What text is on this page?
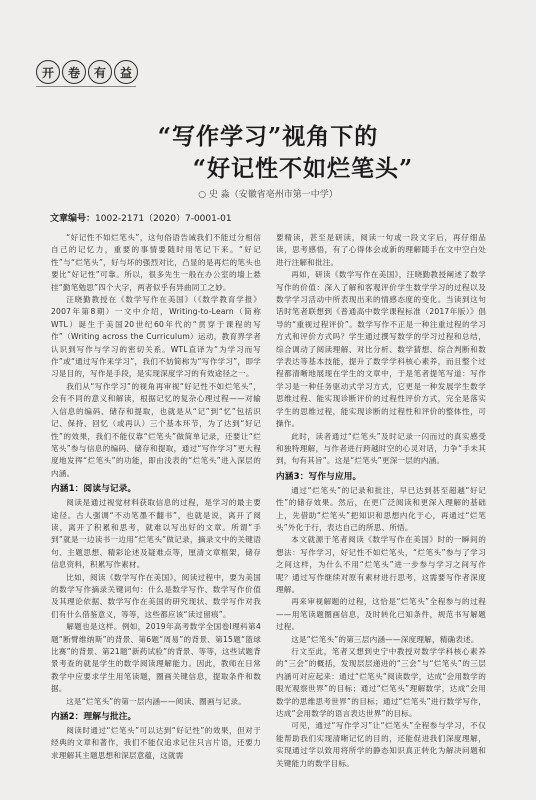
开	卷	有	益
“写作学习”视角下的
“好记性不如烂笔头”
○ 史 淼（安徽省亳州市第一中学）
文章编号：1002-2171（2020）7-0001-01

“好记性不如烂笔头”，这句俗语告诫我们不能过分相信自己的记忆力，重要的事情要随时用笔记下来。“好记性”与“烂笔头”，好与坏的强烈对比，凸显的是再烂的笔头也要比“好记性”可靠。所以，很多先生一般在办公室的墙上悬挂“勤笔勉思”四个大字，两者似乎有异曲同工之妙。

汪晓勤教授在《数学写作在美国》（《数学教育学报》2007年第8期）一文中介绍，Writing-to-Learn（简称WTL）诞生于美国20世纪60年代的“贯穿于课程的写作”（Writing across the Curriculum）运动，教育界学者认识到写作与学习的密切关系。WTL直译为“为学习而写作”或“通过写作来学习”，我们不妨简称为“写作学习”，即学习是目的，写作是手段，是实现深度学习的有效途径之一。

我们从“写作学习”的视角再审视“好记性不如烂笔头”，会有不同的意义和解读，根据记忆的复杂心理过程——对输入信息的编码、储存和提取，也就是从“记”到“忆”包括识记、保持、回忆（或再认）三个基本环节，为了达到“好记性”的效果，我们不能仅靠“烂笔头”做简单记录，还要让“烂笔头”参与信息的编码、储存和提取，通过“写作学习”更大程度地发挥“烂笔头”的功能，即由浅表的“烂笔头”进入深层的内涵。

内涵1：阅读与记录。

阅读是通过视觉材料获取信息的过程，是学习的最主要途径。古人强调“不动笔墨不翻书”，也就是说，离开了阅读，离开了积累和思考，就难以写出好的文章。所谓“手到”就是一边读书一边用“烂笔头”做记录，摘录文中的关键语句、主题思想、精彩论述及疑难点等，厘清文章框架，储存信息资料，积累写作素材。

比如，阅读《数学写作在美国》，阅读过程中，要为美国的数学写作摘录关键词句：什么是数学写作、数学写作价值及其理论依据、数学写作在美国的研究现状、数学写作对我们有什么借鉴意义，等等，这些都应该“读过留痕”。

解题也是这样。例如，2019年高考数学全国卷Ⅰ理科第4题“断臂维纳斯”的背景、第6题“周易”的背景、第15题“篮球比赛”的背景、第21题“新药试验”的背景、等等，这些试题背景考查的就是学生的数学阅读理解能力。因此，教师在日常教学中应要求学生用笔读题，圈画关键信息，提取条件和数据。

这是“烂笔头”的第一层内涵——阅读、圈画与记录。

内涵2：理解与批注。

阅读时通过“烂笔头”可以达到“好记性”的效果，但对于经典的文章和著作，我们不能仅追求记住只言片语，还要力求理解其主题思想和深层意蕴，这就需

要精读，甚至是研读，阅读一句或一段文字后，再仔细品读，思考感悟，有了心得体会或新的理解随手在文中空白处进行注解和批注。

再如，研读《数学写作在美国》，汪晓勤教授阐述了数学写作的价值：深入了解和客观评价学生数学学习的过程以及数学学习活动中所表现出来的情感态度的变化。当读到这句话时笔者联想到《普通高中数学课程标准（2017年版）》倡导的“重视过程评价”。数学写作不正是一种注重过程的学习方式和评价方式吗？学生通过撰写数学的学习过程和总结，综合调动了阅读理解、对比分析、数学猜想、综合判断和数学表达等基本技能，提升了数学学科核心素养，而且整个过程都清晰地展现在学生的文章中，于是笔者提笔写道：写作学习是一种任务驱动式学习方式，它更是一种发展学生数学思维过程、能实现诊断评价的过程性评价方式，完全是落实学生的思维过程，能实现诊断的过程性和评价的整体性，可操作。

此时，读者通过“烂笔头”及时记录一闪而过的真实感受和独特理解，与作者进行跨越时空的心灵对话，力争“手未其到，句有其旨”。这是“烂笔头”更深一层的内涵。

内涵3：写作与应用。

通过“烂笔头”的记录和批注，早已达到甚至超越“好记性”的储存效果。然后，在更广泛阅读和更深入理解的基础上，先借助“烂笔头”把知识和思想内化于心，再通过“烂笔头”外化于行，表达自己的所思、所悟。

本文就源于笔者阅读《数学写作在美国》时的一瞬间的想法：写作学习，好记性不如烂笔头，“烂笔头”参与了学习之间这样，为什么不用“烂笔头”进一步参与学习之间写作呢？通过写作继续对原有素材进行思考，这需要写作者深度理解。

再来审视解题的过程，这恰是“烂笔头”全程参与的过程——用笔读题圈画信息，及时转化已知条件，规范书写解题过程。

这是“烂笔头”的第三层内涵——深度理解，精确表述。

行文至此，笔者又想到史宁中教授对数学学科核心素养的“三会”的概括，发现层层递进的“三会”与“烂笔头”的三层内涵可对应起来：通过“烂笔头”阅读数学，达成“会用数学的眼光观察世界”的目标；通过“烂笔头”理解数学，达成“会用数学的思维思考世界”的目标；通过“烂笔头”进行数学写作，达成“会用数学的语言表达世界”的目标。

可见，通过“写作学习”让“烂笔头”全程参与学习，不仅能帮助我们实现清晰记忆的目的，还能促进我们深度理解，实现通过学以致用将所学的静态知识真正转化为解决问题和关键能力的数学目标。
